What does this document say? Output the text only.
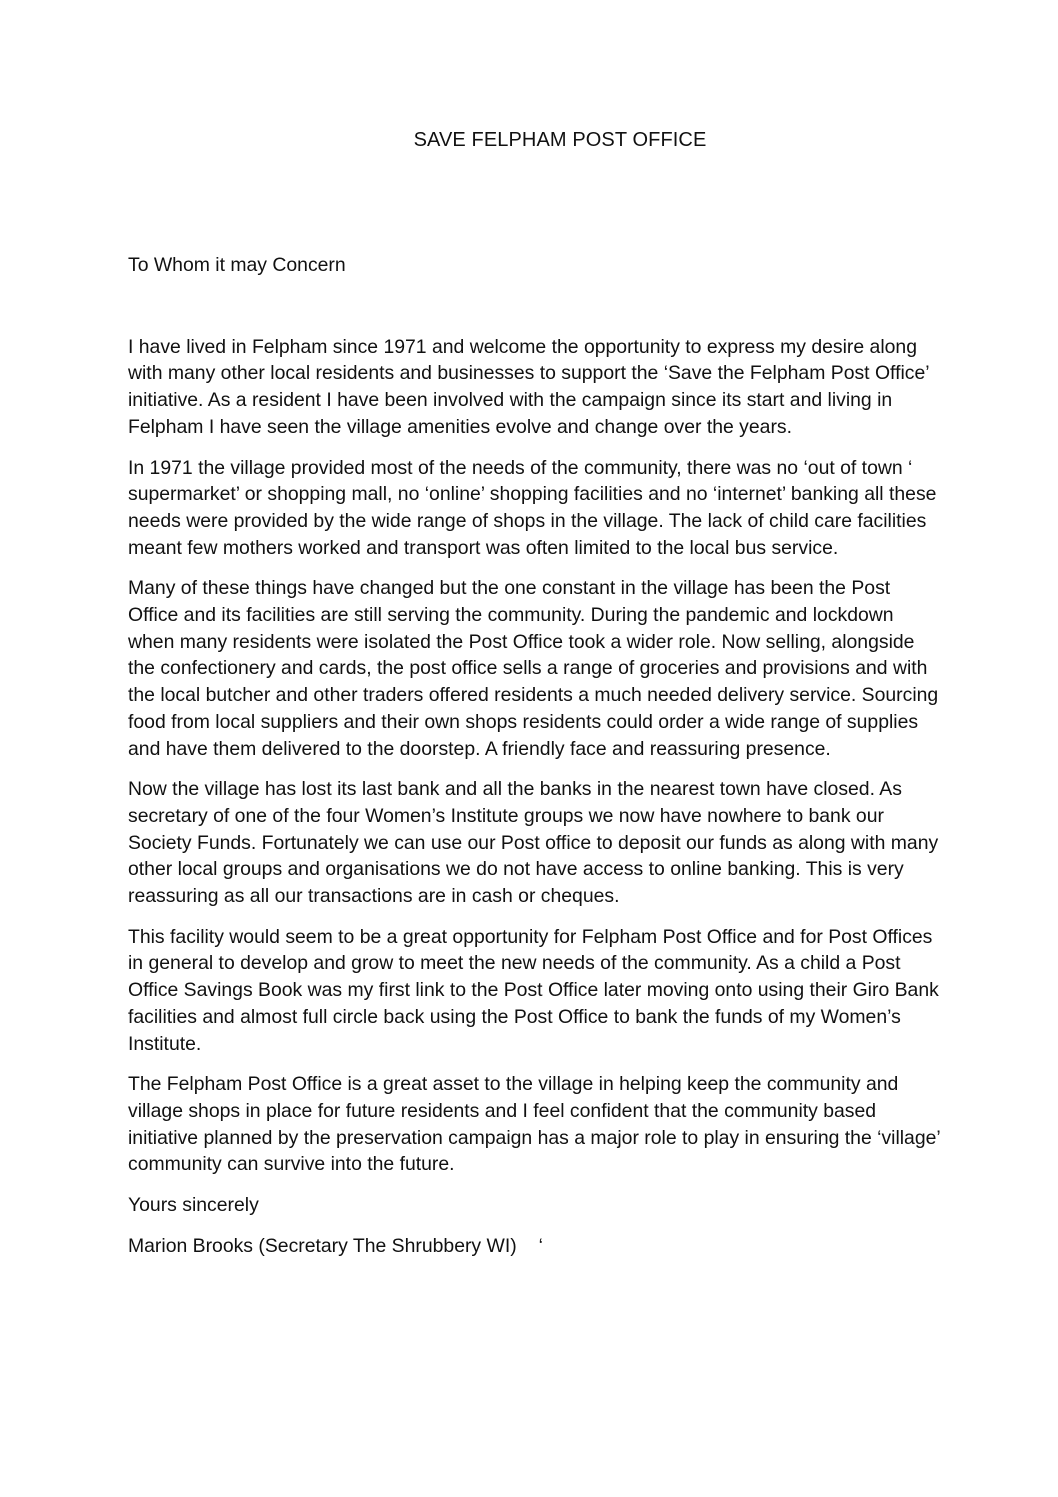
SAVE FELPHAM POST OFFICE

To Whom it may Concern

I have lived in Felpham since 1971 and welcome the opportunity to express my desire along with many other local residents and businesses to support the ‘Save the Felpham Post Office’ initiative. As a resident I have been involved with the campaign since its start and living in Felpham I have seen the village amenities evolve and change over the years.

In 1971 the village provided most of the needs of the community, there was no ‘out of town ‘ supermarket’ or shopping mall, no ‘online’ shopping facilities and no ‘internet’ banking all these needs were provided by the wide range of shops in the village. The lack of child care facilities meant few mothers worked and transport was often limited to the local bus service.

Many of these things have changed but the one constant in the village has been the Post Office and its facilities are still serving the community. During the pandemic and lockdown when many residents were isolated the Post Office took a wider role. Now selling, alongside the confectionery and cards, the post office sells a range of groceries and provisions and with the local butcher and other traders offered residents a much needed delivery service. Sourcing food from local suppliers and their own shops residents could order a wide range of supplies and have them delivered to the doorstep. A friendly face and reassuring presence.

Now the village has lost its last bank and all the banks in the nearest town have closed. As secretary of one of the four Women’s Institute groups we now have nowhere to bank our Society Funds. Fortunately we can use our Post office to deposit our funds as along with many other local groups and organisations we do not have access to online banking. This is very reassuring as all our transactions are in cash or cheques.

This facility would seem to be a great opportunity for Felpham Post Office and for Post Offices in general to develop and grow to meet the new needs of the community. As a child a Post Office Savings Book was my first link to the Post Office later moving onto using their Giro Bank facilities and almost full circle back using the Post Office to bank the funds of my Women’s Institute.

The Felpham Post Office is a great asset to the village in helping keep the community and village shops in place for future residents and I feel confident that the community based initiative planned by the preservation campaign has a major role to play in ensuring the ‘village’ community can survive into the future.

Yours sincerely

Marion Brooks (Secretary The Shrubbery WI) ‘
